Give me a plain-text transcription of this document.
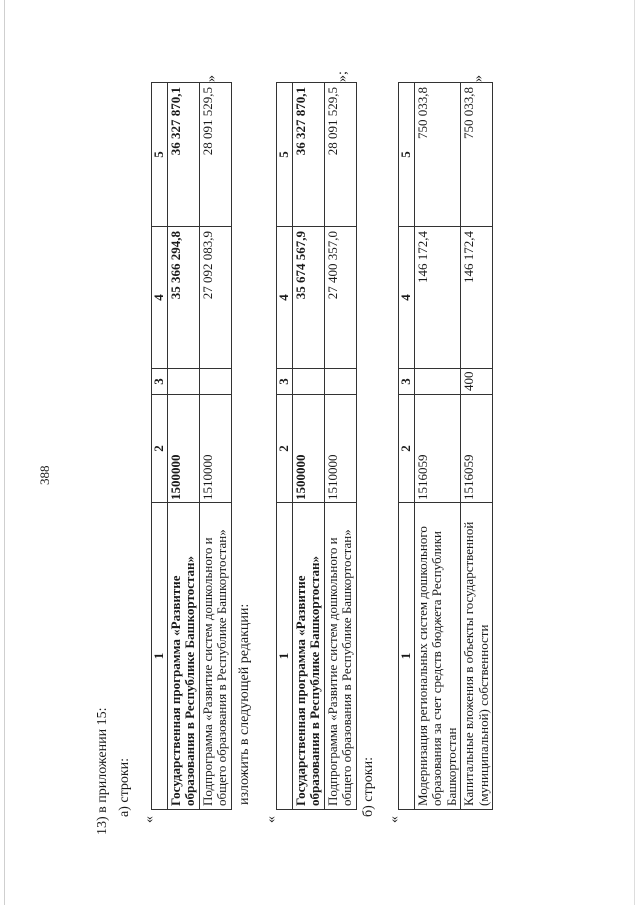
388
13) в приложении 15: а) строки:
«
1	2	3	4	5
Государственная программа «Развитие образования в Республике Башкортостан»	1500000		35 366 294,8	36 327 870,1
Подпрограмма «Развитие систем дошкольного и общего образования в Республике Башкортостан»	1510000		27 092 083,9	28 091 529,5
»
изложить в следующей редакции:
«
1	2	3	4	5
Государственная программа «Развитие образования в Республике Башкортостан»	1500000		35 674 567,9	36 327 870,1
Подпрограмма «Развитие систем дошкольного и общего образования в Республике Башкортостан»	1510000		27 400 357,0	28 091 529,5
»;
б) строки:
«
1	2	3	4	5
Модернизация региональных систем дошкольного образования за счет средств бюджета Республики Башкортостан	1516059		146 172,4	750 033,8
Капитальные вложения в объекты государственной (муниципальной) собственности	1516059	400	146 172,4	750 033,8
»
